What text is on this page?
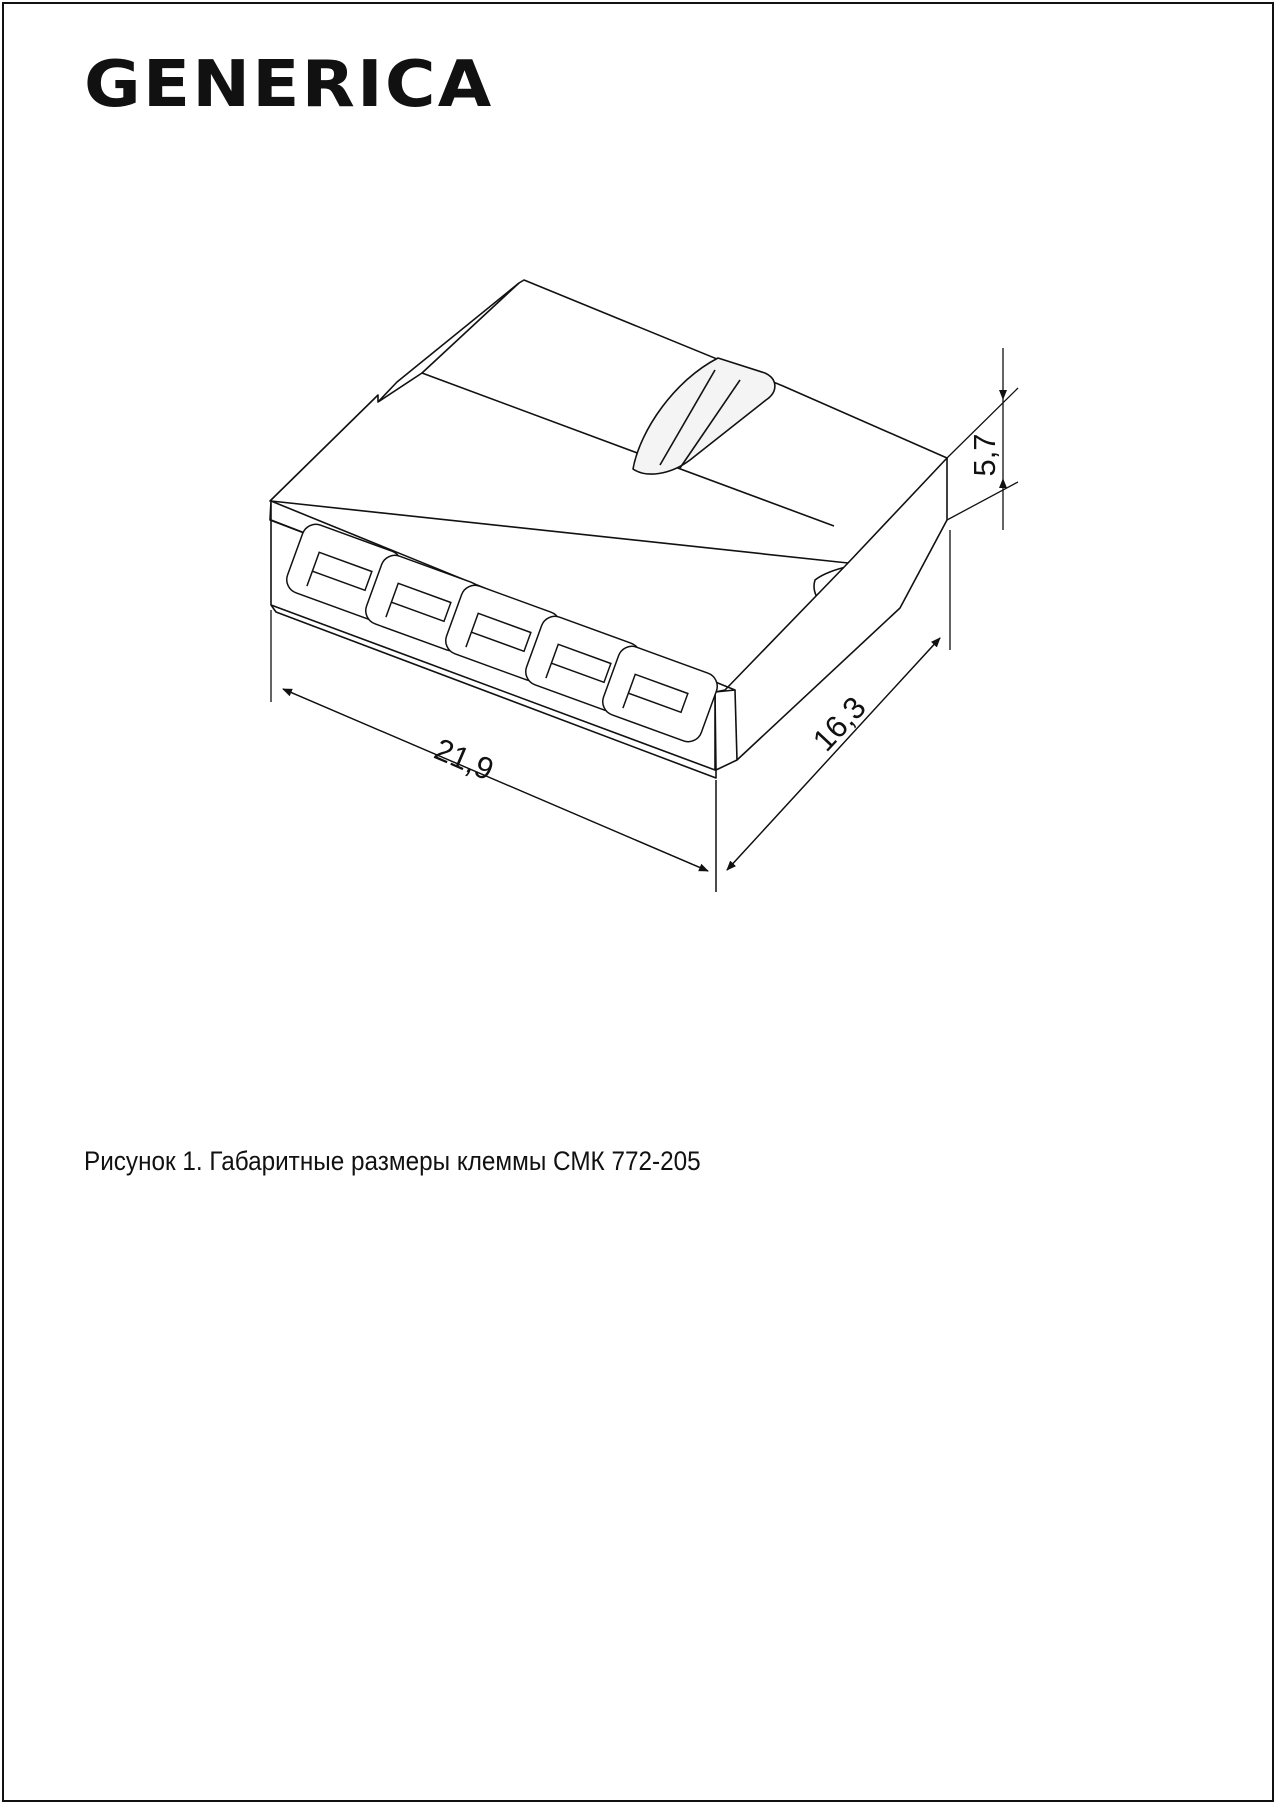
GENERICA
21,9
16,3
5,7

Рисунок 1. Габаритные размеры клеммы СМК 772-205
